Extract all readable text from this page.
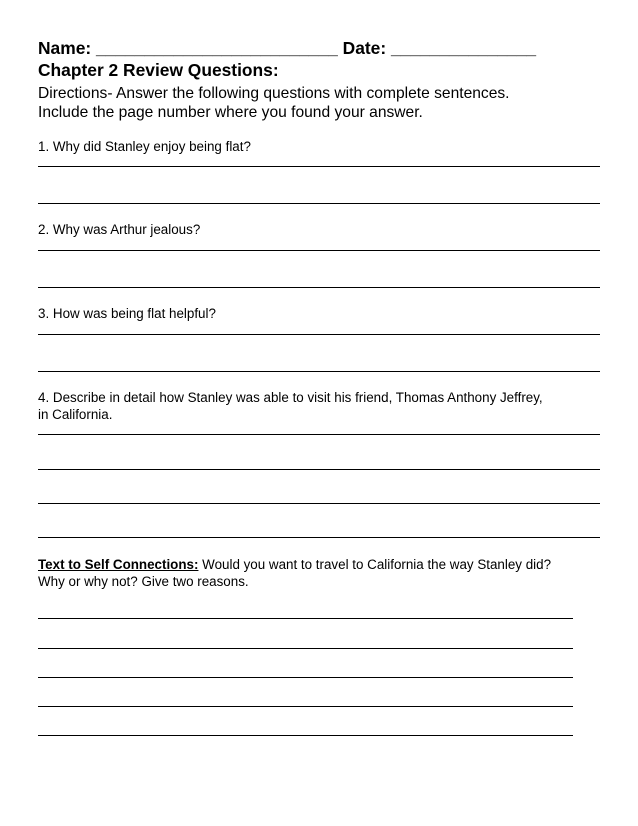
Name: _________________________ Date: _______________
Chapter 2 Review Questions:
Directions- Answer the following questions with complete sentences.
Include the page number where you found your answer.
1. Why did Stanley enjoy being flat?
2. Why was Arthur jealous?
3. How was being flat helpful?
4. Describe in detail how Stanley was able to visit his friend, Thomas Anthony Jeffrey,
in California.
Text to Self Connections: Would you want to travel to California the way Stanley did?
Why or why not? Give two reasons.
